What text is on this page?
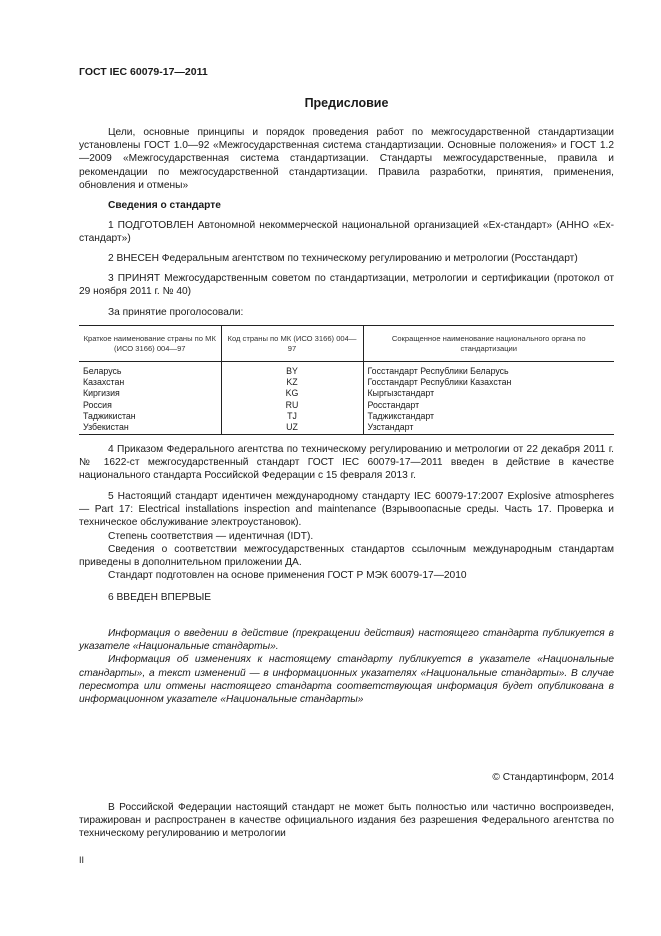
ГОСТ IEC 60079-17—2011
Предисловие

Цели, основные принципы и порядок проведения работ по межгосударственной стандартизации установлены ГОСТ 1.0—92 «Межгосударственная система стандартизации. Основные положения» и ГОСТ 1.2—2009 «Межгосударственная система стандартизации. Стандарты межгосударственные, правила и рекомендации по межгосударственной стандартизации. Правила разработки, принятия, применения, обновления и отмены»

Сведения о стандарте

1 ПОДГОТОВЛЕН Автономной некоммерческой национальной организацией «Ех-стандарт» (АННО «Ех-стандарт»)

2 ВНЕСЕН Федеральным агентством по техническому регулированию и метрологии (Росстандарт)

3 ПРИНЯТ Межгосударственным советом по стандартизации, метрологии и сертификации (протокол от 29 ноября 2011 г. № 40)

За принятие проголосовали:

Краткое наименование страны по МК (ИСО 3166) 004—97	Код страны по МК (ИСО 3166) 004—97	Сокращенное наименование национального органа по стандартизации
Беларусь	BY	Госстандарт Республики Беларусь
Казахстан	KZ	Госстандарт Республики Казахстан
Киргизия	KG	Кыргызстандарт
Россия	RU	Росстандарт
Таджикистан	TJ	Таджикстандарт
Узбекистан	UZ	Узстандарт

4 Приказом Федерального агентства по техническому регулированию и метрологии от 22 декабря 2011 г. № 1622-ст межгосударственный стандарт ГОСТ IEC 60079-17—2011 введен в действие в качестве национального стандарта Российской Федерации с 15 февраля 2013 г.

5 Настоящий стандарт идентичен международному стандарту IEC 60079-17:2007 Explosive atmospheres — Part 17: Electrical installations inspection and maintenance (Взрывоопасные среды. Часть 17. Проверка и техническое обслуживание электроустановок).

Степень соответствия — идентичная (IDT).

Сведения о соответствии межгосударственных стандартов ссылочным международным стандартам приведены в дополнительном приложении ДА.

Стандарт подготовлен на основе применения ГОСТ Р МЭК 60079-17—2010

6 ВВЕДЕН ВПЕРВЫЕ

Информация о введении в действие (прекращении действия) настоящего стандарта публикуется в указателе «Национальные стандарты».

Информация об изменениях к настоящему стандарту публикуется в указателе «Национальные стандарты», а текст изменений — в информационных указателях «Национальные стандарты». В случае пересмотра или отмены настоящего стандарта соответствующая информация будет опубликована в информационном указателе «Национальные стандарты»

© Стандартинформ, 2014

В Российской Федерации настоящий стандарт не может быть полностью или частично воспроизведен, тиражирован и распространен в качестве официального издания без разрешения Федерального агентства по техническому регулированию и метрологии

II
